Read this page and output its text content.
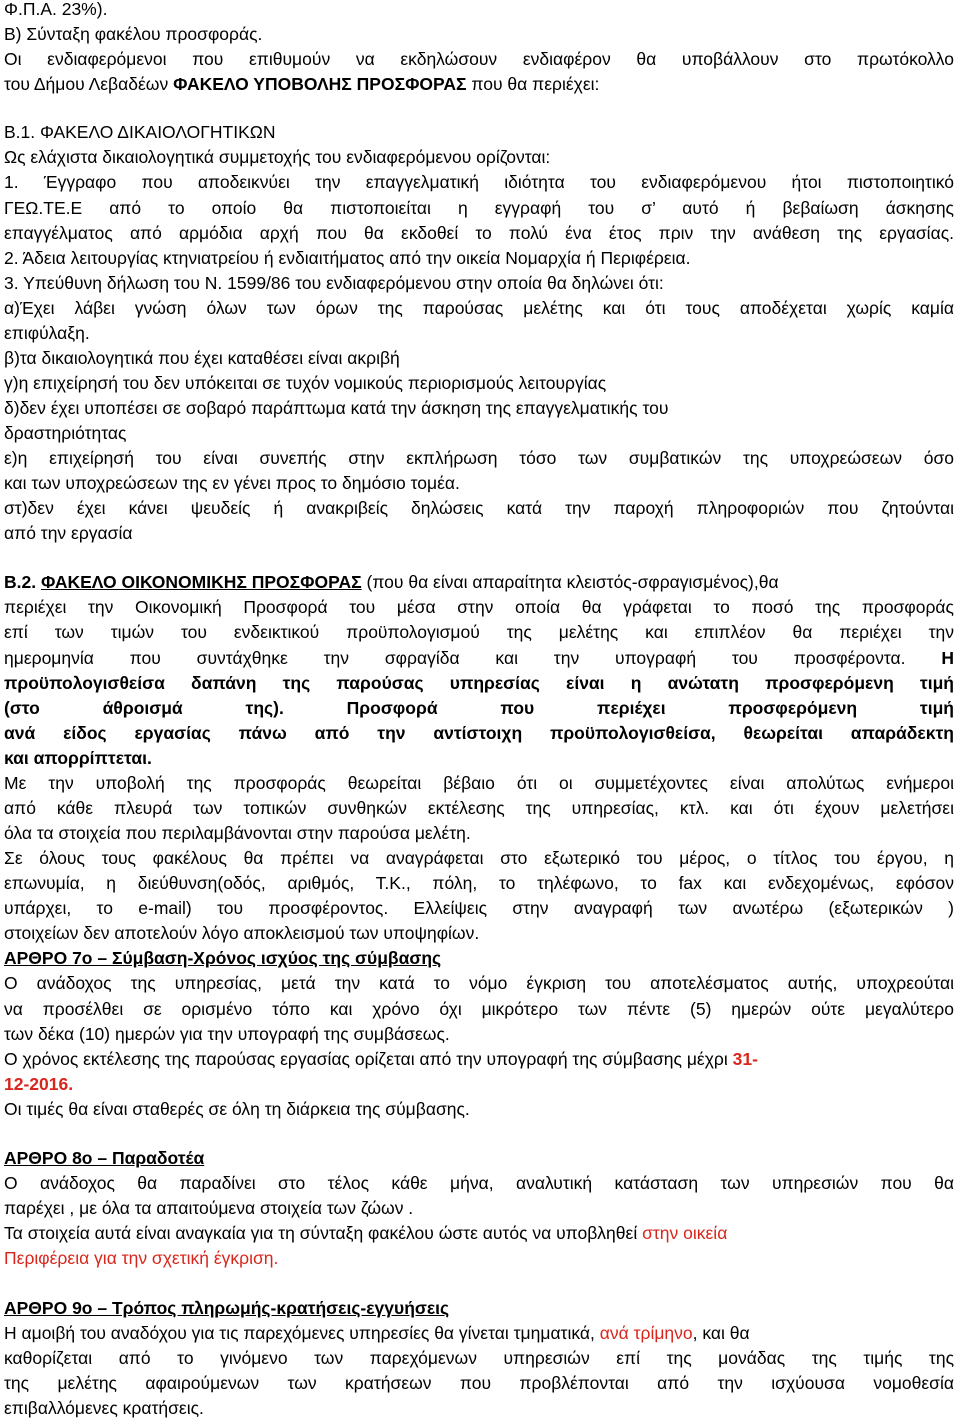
Φ.Π.Α. 23%).
B) Σύνταξη φακέλου προσφοράς.
Οι ενδιαφερόμενοι που επιθυμούν να εκδηλώσουν ενδιαφέρον θα υποβάλλουν στο πρωτόκολλο
του Δήμου Λεβαδέων ΦΑΚΕΛΟ ΥΠΟΒΟΛΗΣ ΠΡΟΣΦΟΡΑΣ που θα περιέχει:
B.1. ΦΑΚΕΛΟ ΔΙΚΑΙΟΛΟΓΗΤΙΚΩΝ
Ως ελάχιστα δικαιολογητικά συμμετοχής του ενδιαφερόμενου ορίζονται:
1. Έγγραφο που αποδεικνύει την επαγγελματική ιδιότητα του ενδιαφερόμενου ήτοι πιστοποιητικό
ΓΕΩ.ΤΕ.Ε από το οποίο θα πιστοποιείται η εγγραφή του σ’ αυτό ή βεβαίωση άσκησης
επαγγέλματος από αρμόδια αρχή που θα εκδοθεί το πολύ ένα έτος πριν την ανάθεση της εργασίας.
2. Άδεια λειτουργίας κτηνιατρείου ή ενδιαιτήματος από την οικεία Νομαρχία ή Περιφέρεια.
3. Υπεύθυνη δήλωση του Ν. 1599/86 του ενδιαφερόμενου στην οποία θα δηλώνει ότι:
α)Έχει λάβει γνώση όλων των όρων της παρούσας μελέτης και ότι τους αποδέχεται χωρίς καμία
επιφύλαξη.
β)τα δικαιολογητικά που έχει καταθέσει είναι ακριβή
γ)η επιχείρησή του δεν υπόκειται σε τυχόν νομικούς περιορισμούς λειτουργίας
δ)δεν έχει υποπέσει σε σοβαρό παράπτωμα κατά την άσκηση της επαγγελματικής του
δραστηριότητας
ε)η επιχείρησή του είναι συνεπής στην εκπλήρωση τόσο των συμβατικών της υποχρεώσεων όσο
και των υποχρεώσεων της εν γένει προς το δημόσιο τομέα.
στ)δεν έχει κάνει ψευδείς ή ανακριβείς δηλώσεις κατά την παροχή πληροφοριών που ζητούνται
από την εργασία
B.2. ΦΑΚΕΛΟ ΟΙΚΟΝΟΜΙΚΗΣ ΠΡΟΣΦΟΡΑΣ (που θα είναι απαραίτητα κλειστός-σφραγισμένος),θα
περιέχει την Οικονομική Προσφορά του μέσα στην οποία θα γράφεται το ποσό της προσφοράς
επί των τιμών του ενδεικτικού προϋπολογισμού της μελέτης και επιπλέον θα περιέχει την
ημερομηνία που συντάχθηκε την σφραγίδα και την υπογραφή του προσφέροντα. Η
προϋπολογισθείσα δαπάνη της παρούσας υπηρεσίας είναι η ανώτατη προσφερόμενη τιμή
(στο άθροισμά της). Προσφορά που περιέχει προσφερόμενη τιμή
ανά είδος εργασίας πάνω από την αντίστοιχη προϋπολογισθείσα, θεωρείται απαράδεκτη
και απορρίπτεται.
Με την υποβολή της προσφοράς θεωρείται βέβαιο ότι οι συμμετέχοντες είναι απολύτως ενήμεροι
από κάθε πλευρά των τοπικών συνθηκών εκτέλεσης της υπηρεσίας, κτλ. και ότι έχουν μελετήσει
όλα τα στοιχεία που περιλαμβάνονται στην παρούσα μελέτη.
Σε όλους τους φακέλους θα πρέπει να αναγράφεται στο εξωτερικό του μέρος, ο τίτλος του έργου, η
επωνυμία, η διεύθυνση(οδός, αριθμός, Τ.Κ., πόλη, το τηλέφωνο, το fax και ενδεχομένως, εφόσον
υπάρχει, το e-mail) του προσφέροντος. Ελλείψεις στην αναγραφή των ανωτέρω (εξωτερικών )
στοιχείων δεν αποτελούν λόγο αποκλεισμού των υποψηφίων.
ΑΡΘΡΟ 7ο – Σύμβαση-Χρόνος ισχύος της σύμβασης
Ο ανάδοχος της υπηρεσίας, μετά την κατά το νόμο έγκριση του αποτελέσματος αυτής, υποχρεούται
να προσέλθει σε ορισμένο τόπο και χρόνο όχι μικρότερο των πέντε (5) ημερών ούτε μεγαλύτερο
των δέκα (10) ημερών για την υπογραφή της συμβάσεως.
Ο χρόνος εκτέλεσης της παρούσας εργασίας ορίζεται από την υπογραφή της σύμβασης μέχρι 31-
12-2016.
Οι τιμές θα είναι σταθερές σε όλη τη διάρκεια της σύμβασης.
ΑΡΘΡΟ 8ο – Παραδοτέα
Ο ανάδοχος θα παραδίνει στο τέλος κάθε μήνα, αναλυτική κατάσταση των υπηρεσιών που θα
παρέχει , με όλα τα απαιτούμενα στοιχεία των ζώων .
Τα στοιχεία αυτά είναι αναγκαία για τη σύνταξη φακέλου ώστε αυτός να υποβληθεί στην οικεία
Περιφέρεια για την σχετική έγκριση.
ΑΡΘΡΟ 9ο – Τρόπος πληρωμής-κρατήσεις-εγγυήσεις
Η αμοιβή του αναδόχου για τις παρεχόμενες υπηρεσίες θα γίνεται τμηματικά, ανά τρίμηνο, και θα
καθορίζεται από το γινόμενο των παρεχόμενων υπηρεσιών επί της μονάδας της τιμής της
της μελέτης αφαιρούμενων των κρατήσεων που προβλέπονται από την ισχύουσα νομοθεσία
επιβαλλόμενες κρατήσεις.
